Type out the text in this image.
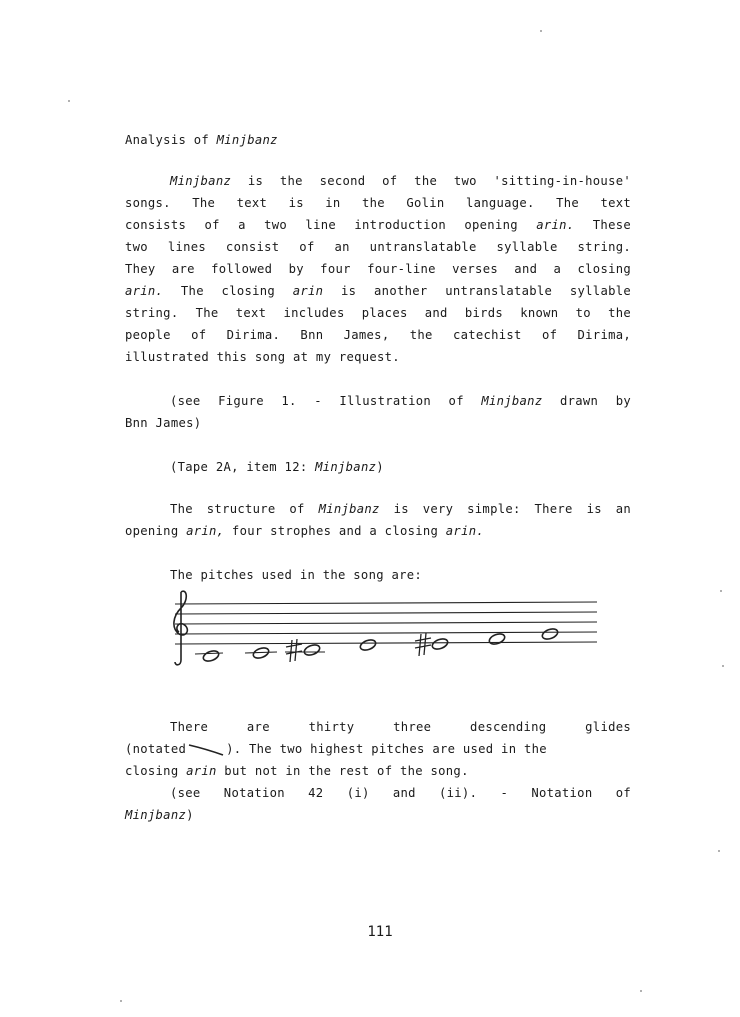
Analysis of Minjbanz
Minjbanz is the second of the two 'sitting-in-house'
songs. The text is in the Golin language. The text
consists of a two line introduction opening arin. These
two lines consist of an untranslatable syllable string.
They are followed by four four-line verses and a closing
arin. The closing arin is another untranslatable syllable
string. The text includes places and birds known to the
people of Dirima. Bnn James, the catechist of Dirima,
illustrated this song at my request.
(see Figure 1. - Illustration of Minjbanz drawn by
Bnn James)
(Tape 2A, item 12: Minjbanz)
The structure of Minjbanz is very simple: There is an
opening arin, four strophes and a closing arin.
The pitches used in the song are:
There are thirty three descending glides
(notated	). The two highest pitches are used in the
closing arin but not in the rest of the song.
(see Notation 42 (i) and (ii). - Notation of
Minjbanz)
111
